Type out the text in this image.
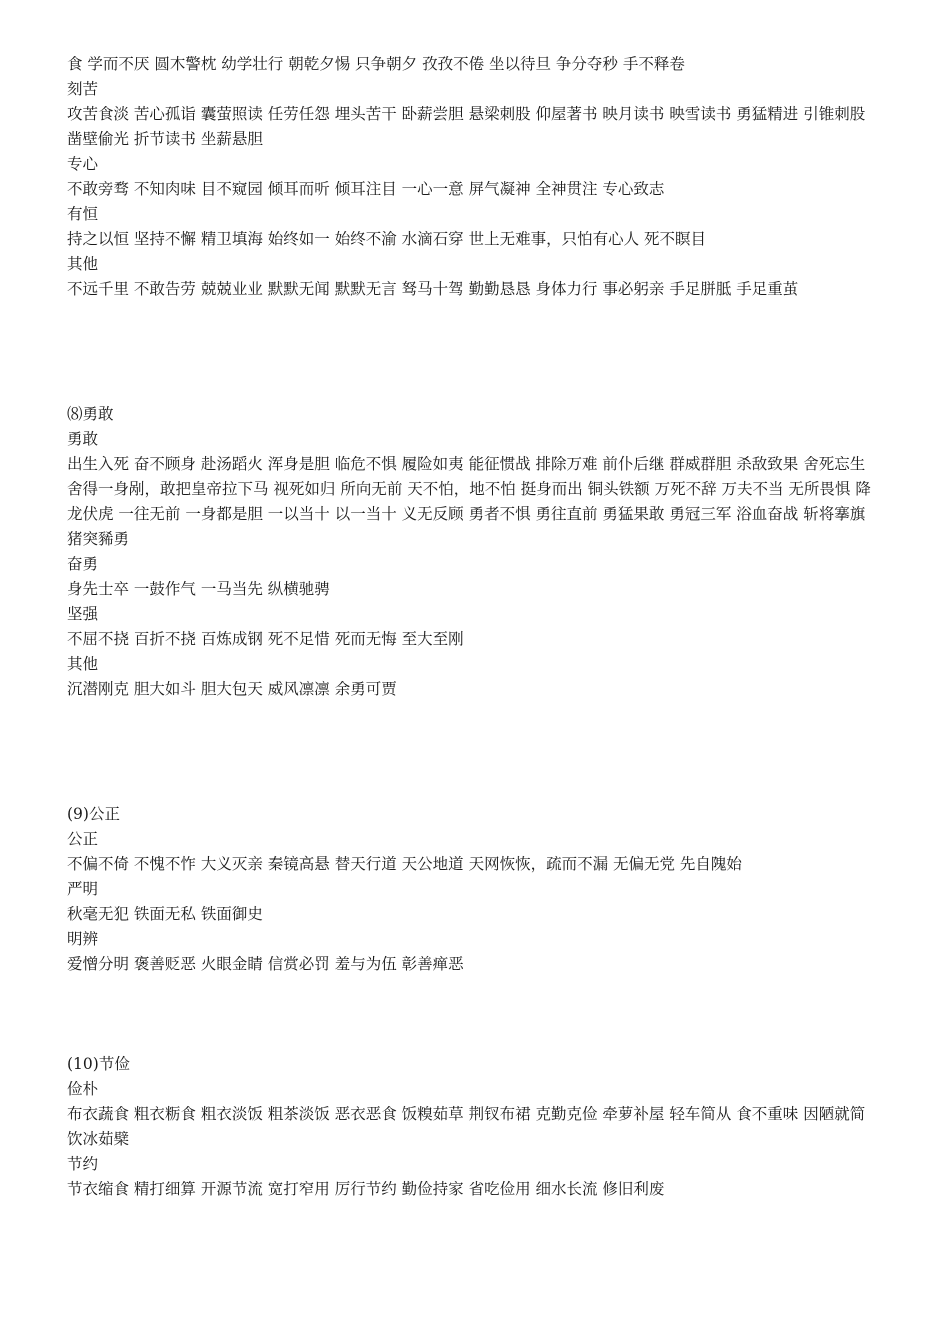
食 学而不厌 圆木警枕 幼学壮行 朝乾夕惕 只争朝夕 孜孜不倦 坐以待旦 争分夺秒 手不释卷
刻苦
攻苦食淡 苦心孤诣 囊萤照读 任劳任怨 埋头苦干 卧薪尝胆 悬梁刺股 仰屋著书 映月读书 映雪读书 勇猛精进 引锥刺股 凿壁偷光 折节读书 坐薪悬胆
专心
不敢旁骛 不知肉味 目不窥园 倾耳而听 倾耳注目 一心一意 屏气凝神 全神贯注 专心致志
有恒
持之以恒 坚持不懈 精卫填海 始终如一 始终不渝 水滴石穿 世上无难事，只怕有心人 死不瞑目
其他
不远千里 不敢告劳 兢兢业业 默默无闻 默默无言 驽马十驾 勤勤恳恳 身体力行 事必躬亲 手足胼胝 手足重茧
⑻勇敢
勇敢
出生入死 奋不顾身 赴汤蹈火 浑身是胆 临危不惧 履险如夷 能征惯战 排除万难 前仆后继 群威群胆 杀敌致果 舍死忘生 舍得一身剐，敢把皇帝拉下马 视死如归 所向无前 天不怕，地不怕 挺身而出 铜头铁额 万死不辞 万夫不当 无所畏惧 降龙伏虎 一往无前 一身都是胆 一以当十 以一当十 义无反顾 勇者不惧 勇往直前 勇猛果敢 勇冠三军 浴血奋战 斩将搴旗 猪突豨勇
奋勇
身先士卒 一鼓作气 一马当先 纵横驰骋
坚强
不屈不挠 百折不挠 百炼成钢 死不足惜 死而无悔 至大至刚
其他
沉潜刚克 胆大如斗 胆大包天 威风凛凛 余勇可贾
(9)公正
公正
不偏不倚 不愧不怍 大义灭亲 秦镜高悬 替天行道 天公地道 天网恢恢，疏而不漏 无偏无党 先自隗始
严明
秋毫无犯 铁面无私 铁面御史
明辨
爱憎分明 褒善贬恶 火眼金睛 信赏必罚 羞与为伍 彰善瘅恶
(10)节俭
俭朴
布衣蔬食 粗衣粝食 粗衣淡饭 粗茶淡饭 恶衣恶食 饭糗茹草 荆钗布裙 克勤克俭 牵萝补屋 轻车简从 食不重味 因陋就简 饮冰茹檗
节约
节衣缩食 精打细算 开源节流 宽打窄用 厉行节约 勤俭持家 省吃俭用 细水长流 修旧利废
